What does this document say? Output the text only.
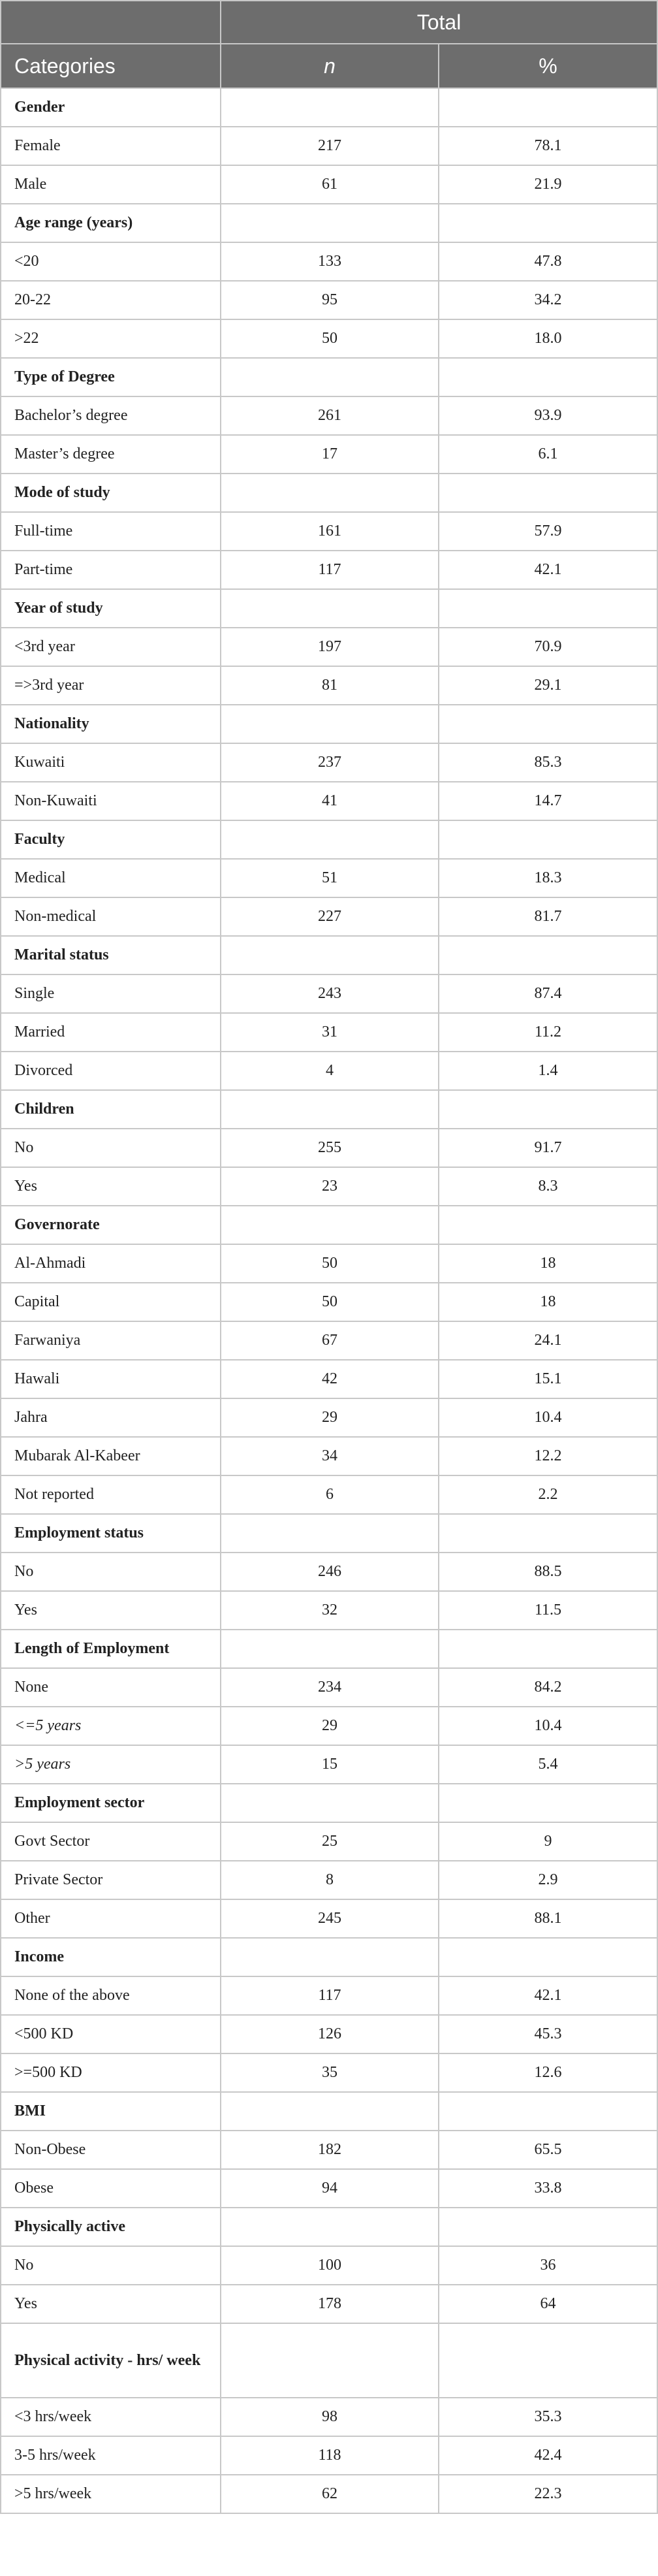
	Total	
Categories	n	%
Gender		
Female	217	78.1
Male	61	21.9
Age range (years)		
<20	133	47.8
20-22	95	34.2
>22	50	18.0
Type of Degree		
Bachelor’s degree	261	93.9
Master’s degree	17	6.1
Mode of study		
Full-time	161	57.9
Part-time	117	42.1
Year of study		
<3rd year	197	70.9
=>3rd year	81	29.1
Nationality		
Kuwaiti	237	85.3
Non-Kuwaiti	41	14.7
Faculty		
Medical	51	18.3
Non-medical	227	81.7
Marital status		
Single	243	87.4
Married	31	11.2
Divorced	4	1.4
Children		
No	255	91.7
Yes	23	8.3
Governorate		
Al-Ahmadi	50	18
Capital	50	18
Farwaniya	67	24.1
Hawali	42	15.1
Jahra	29	10.4
Mubarak Al-Kabeer	34	12.2
Not reported	6	2.2
Employment status		
No	246	88.5
Yes	32	11.5
Length of Employment		
None	234	84.2
<=5 years	29	10.4
>5 years	15	5.4
Employment sector		
Govt Sector	25	9
Private Sector	8	2.9
Other	245	88.1
Income		
None of the above	117	42.1
<500 KD	126	45.3
>=500 KD	35	12.6
BMI		
Non-Obese	182	65.5
Obese	94	33.8
Physically active		
No	100	36
Yes	178	64
Physical activity - hrs/ week		
<3 hrs/week	98	35.3
3-5 hrs/week	118	42.4
>5 hrs/week	62	22.3
